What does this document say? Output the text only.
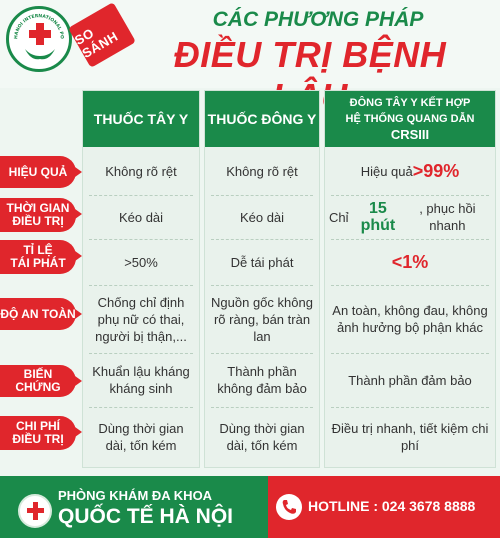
HANOI INTERNATIONAL PO SO SÁNH
CÁC PHƯƠNG PHÁP
ĐIỀU TRỊ BỆNH
THUỐC TÂY Y
Không rõ rệt
Kéo dài
>50%
Chống chỉ định phụ nữ có thai, người bị thận,...
Khuẩn lậu kháng kháng sinh
Dùng thời gian dài, tốn kém
THUỐC ĐÔNG Y
Không rõ rệt
Kéo dài
Dễ tái phát
Nguồn gốc không rõ ràng, bán tràn lan
Thành phần không đảm bảo
Dùng thời gian dài, tốn kém
ĐÔNG TÂY Y KẾT HỢP
HỆ THỐNG QUANG DẪN CRSIII
Hiệu quả >99%
Chỉ	15 phút
, phục hồi nhanh
<1%
An toàn, không đau, không ảnh hưởng bộ phận khác
Thành phần đảm bảo
Điều trị nhanh, tiết kiệm chi phí
HIỆU QUẢ
THỜI GIAN
ĐIỀU TRỊ
TỈ LỆ
TÁI PHÁT
ĐỘ AN TOÀN
BIẾN CHỨNG
CHI PHÍ
ĐIỀU TRỊ
PHÒNG KHÁM ĐA KHOA
QUỐC TẾ HÀ NỘI	HOTLINE : 024 3678 8888
